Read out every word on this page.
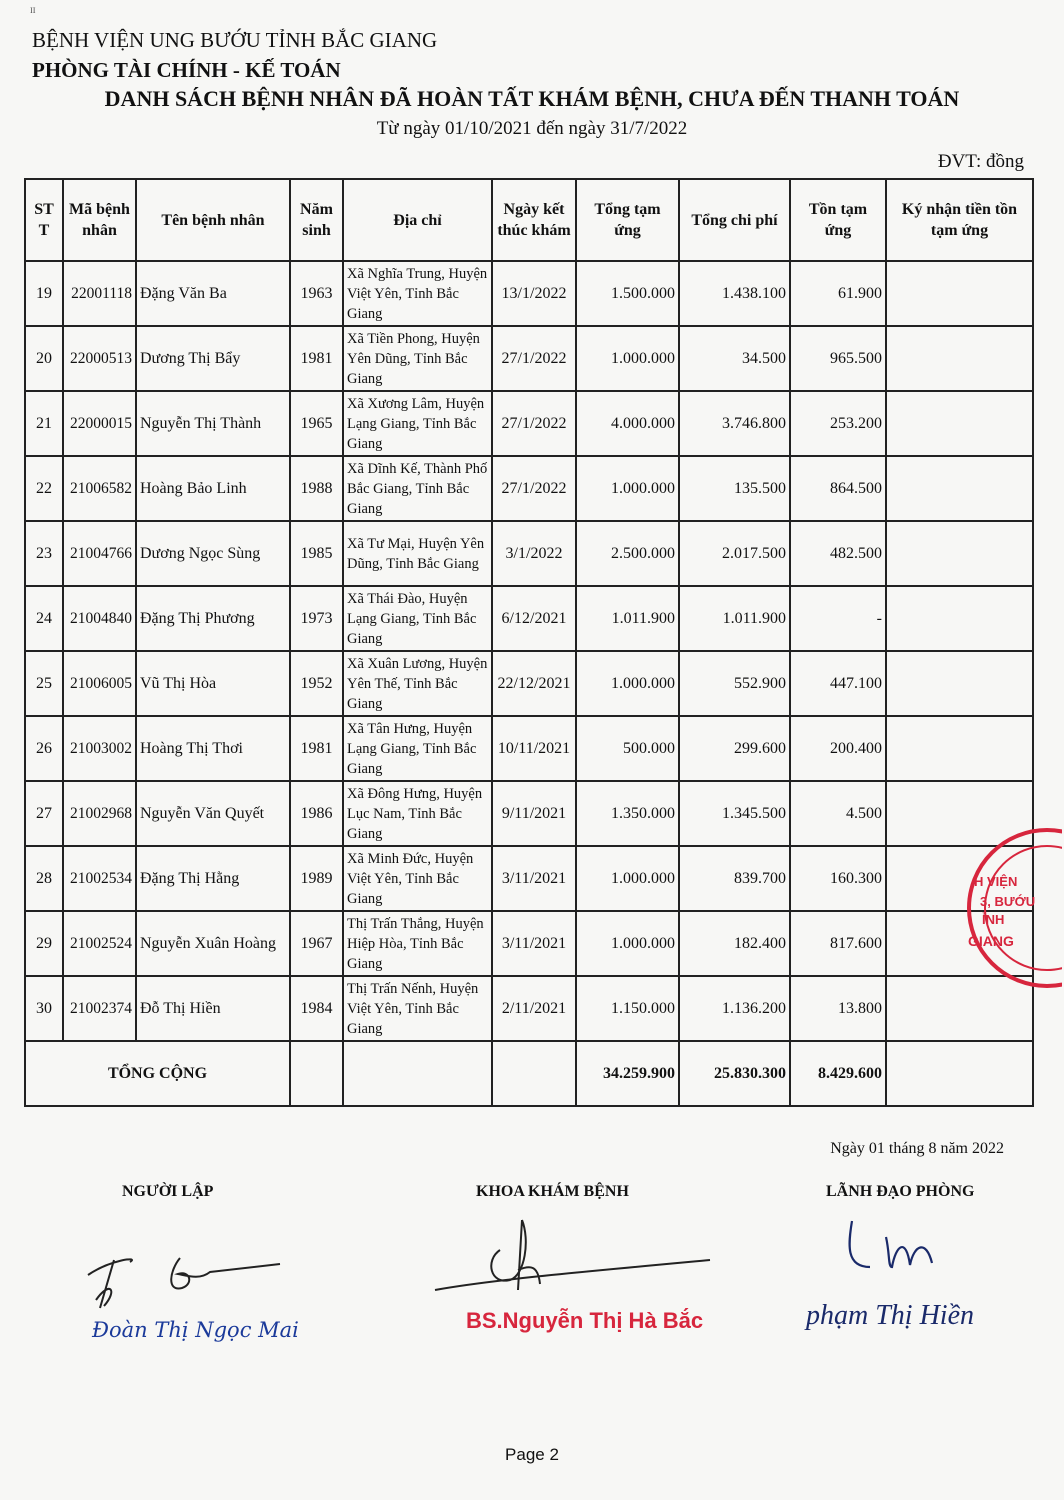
ᴵᴵ
BỆNH VIỆN UNG BƯỚU TỈNH BẮC GIANG
PHÒNG TÀI CHÍNH - KẾ TOÁN
DANH SÁCH BỆNH NHÂN ĐÃ HOÀN TẤT KHÁM BỆNH, CHƯA ĐẾN THANH TOÁN
Từ ngày 01/10/2021 đến ngày 31/7/2022
ĐVT: đồng
ST T	Mã bệnh nhân	Tên bệnh nhân	Năm sinh	Địa chỉ	Ngày kết thúc khám	Tổng tạm ứng	Tổng chi phí	Tồn tạm ứng	Ký nhận tiền tồn tạm ứng
19	22001118	Đặng Văn Ba	1963	Xã Nghĩa Trung, Huyện Việt Yên, Tỉnh Bắc Giang	13/1/2022	1.500.000	1.438.100	61.900	
20	22000513	Dương Thị Bẩy	1981	Xã Tiền Phong, Huyện Yên Dũng, Tỉnh Bắc Giang	27/1/2022	1.000.000	34.500	965.500	
21	22000015	Nguyễn Thị Thành	1965	Xã Xương Lâm, Huyện Lạng Giang, Tỉnh Bắc Giang	27/1/2022	4.000.000	3.746.800	253.200	
22	21006582	Hoàng Bảo Linh	1988	Xã Dĩnh Kế, Thành Phố Bắc Giang, Tỉnh Bắc Giang	27/1/2022	1.000.000	135.500	864.500	
23	21004766	Dương Ngọc Sùng	1985	Xã Tư Mại, Huyện Yên Dũng, Tỉnh Bắc Giang	3/1/2022	2.500.000	2.017.500	482.500	
24	21004840	Đặng Thị Phương	1973	Xã Thái Đào, Huyện Lạng Giang, Tỉnh Bắc Giang	6/12/2021	1.011.900	1.011.900	-	
25	21006005	Vũ Thị Hòa	1952	Xã Xuân Lương, Huyện Yên Thế, Tỉnh Bắc Giang	22/12/2021	1.000.000	552.900	447.100	
26	21003002	Hoàng Thị Thơi	1981	Xã Tân Hưng, Huyện Lạng Giang, Tỉnh Bắc Giang	10/11/2021	500.000	299.600	200.400	
27	21002968	Nguyễn Văn Quyết	1986	Xã Đông Hưng, Huyện Lục Nam, Tỉnh Bắc Giang	9/11/2021	1.350.000	1.345.500	4.500	
28	21002534	Đặng Thị Hằng	1989	Xã Minh Đức, Huyện Việt Yên, Tỉnh Bắc Giang	3/11/2021	1.000.000	839.700	160.300	
29	21002524	Nguyễn Xuân Hoàng	1967	Thị Trấn Thắng, Huyện Hiệp Hòa, Tỉnh Bắc Giang	3/11/2021	1.000.000	182.400	817.600	
30	21002374	Đỗ Thị Hiền	1984	Thị Trấn Nếnh, Huyện Việt Yên, Tỉnh Bắc Giang	2/11/2021	1.150.000	1.136.200	13.800	
TỔNG CỘNG						34.259.900	25.830.300	8.429.600	
Ngày 01 tháng 8 năm 2022
NGƯỜI LẬP	KHOA KHÁM BỆNH	LÃNH ĐẠO PHÒNG
Đoàn Thị Ngọc Mai	BS.Nguyễn Thị Hà Bắc	phạm Thị Hiền
H VIỆN
3, BƯỚU
ỈNH
GIANG
Page 2
